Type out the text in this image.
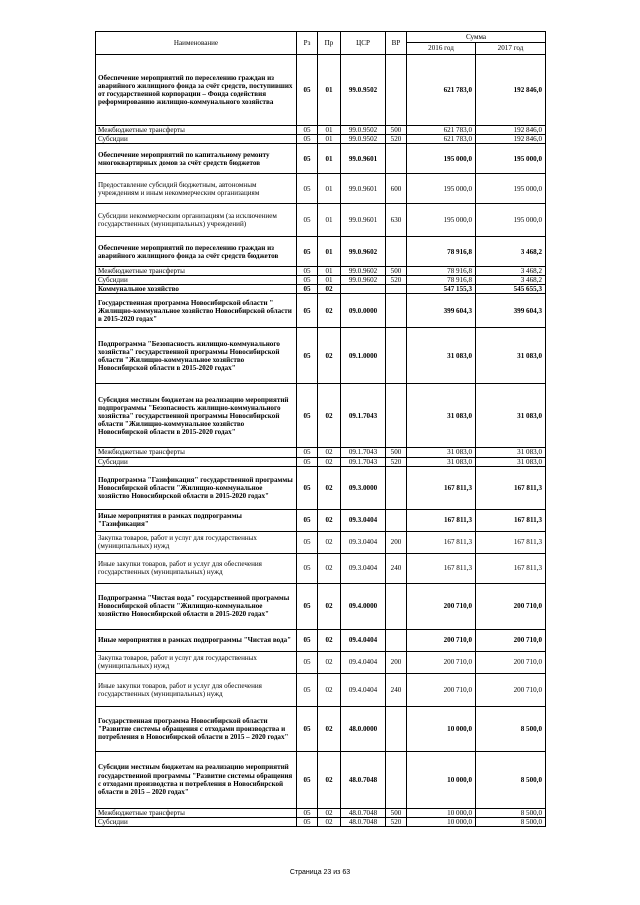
Наименование	Рз	Пр	ЦСР	ВР	Сумма	
					2016 год	2017 год
Обеспечение мероприятий по переселению граждан из аварийного жилищного фонда за счёт средств, поступивших от государственной корпорации – Фонда содействия реформированию жилищно-коммунального хозяйства	05	01	99.0.9502		621 783,0	192 846,0
Межбюджетные трансферты	05	01	99.0.9502	500	621 783,0	192 846,0
Субсидии	05	01	99.0.9502	520	621 783,0	192 846,0
Обеспечение мероприятий по капитальному ремонту многоквартирных домов за счёт средств бюджетов	05	01	99.0.9601		195 000,0	195 000,0
Предоставление субсидий бюджетным, автономным учреждениям и иным некоммерческим организациям	05	01	99.0.9601	600	195 000,0	195 000,0
Субсидии некоммерческим организациям (за исключением государственных (муниципальных) учреждений)	05	01	99.0.9601	630	195 000,0	195 000,0
Обеспечение мероприятий по переселению граждан из аварийного жилищного фонда за счёт средств бюджетов	05	01	99.0.9602		78 916,8	3 468,2
Межбюджетные трансферты	05	01	99.0.9602	500	78 916,8	3 468,2
Субсидии	05	01	99.0.9602	520	78 916,8	3 468,2
Коммунальное хозяйство	05	02			547 155,3	545 655,3
Государственная программа Новосибирской области " Жилищно-коммунальное хозяйство Новосибирской области в 2015-2020 годах"	05	02	09.0.0000		399 604,3	399 604,3
Подпрограмма "Безопасность жилищно-коммунального хозяйства" государственной программы Новосибирской области "Жилищно-коммунальное хозяйство Новосибирской области в 2015-2020 годах"	05	02	09.1.0000		31 083,0	31 083,0
Субсидия местным бюджетам на реализацию мероприятий подпрограммы "Безопасность жилищно-коммунального хозяйства" государственной программы Новосибирской области "Жилищно-коммунальное хозяйство Новосибирской области в 2015-2020 годах"	05	02	09.1.7043		31 083,0	31 083,0
Межбюджетные трансферты	05	02	09.1.7043	500	31 083,0	31 083,0
Субсидии	05	02	09.1.7043	520	31 083,0	31 083,0
Подпрограмма "Газификация" государственной программы Новосибирской области "Жилищно-коммунальное хозяйство Новосибирской области в 2015-2020 годах"	05	02	09.3.0000		167 811,3	167 811,3
Иные мероприятия в рамках подпрограммы "Газификация"	05	02	09.3.0404		167 811,3	167 811,3
Закупка товаров, работ и услуг для государственных (муниципальных) нужд	05	02	09.3.0404	200	167 811,3	167 811,3
Иные закупки товаров, работ и услуг для обеспечения государственных (муниципальных) нужд	05	02	09.3.0404	240	167 811,3	167 811,3
Подпрограмма "Чистая вода" государственной программы Новосибирской области "Жилищно-коммунальное хозяйство Новосибирской области в 2015-2020 годах"	05	02	09.4.0000		200 710,0	200 710,0
Иные мероприятия в рамках подпрограммы "Чистая вода"	05	02	09.4.0404		200 710,0	200 710,0
Закупка товаров, работ и услуг для государственных (муниципальных) нужд	05	02	09.4.0404	200	200 710,0	200 710,0
Иные закупки товаров, работ и услуг для обеспечения государственных (муниципальных) нужд	05	02	09.4.0404	240	200 710,0	200 710,0
Государственная программа Новосибирской области "Развитие системы обращения с отходами производства и потребления в Новосибирской области в 2015 – 2020 годах"	05	02	48.0.0000		10 000,0	8 500,0
Субсидии местным бюджетам на реализацию мероприятий государственной программы "Развитие системы обращения с отходами производства и потребления в Новосибирской области в 2015 – 2020 годах"	05	02	48.0.7048		10 000,0	8 500,0
Межбюджетные трансферты	05	02	48.0.7048	500	10 000,0	8 500,0
Субсидии	05	02	48.0.7048	520	10 000,0	8 500,0
Страница 23 из 63
